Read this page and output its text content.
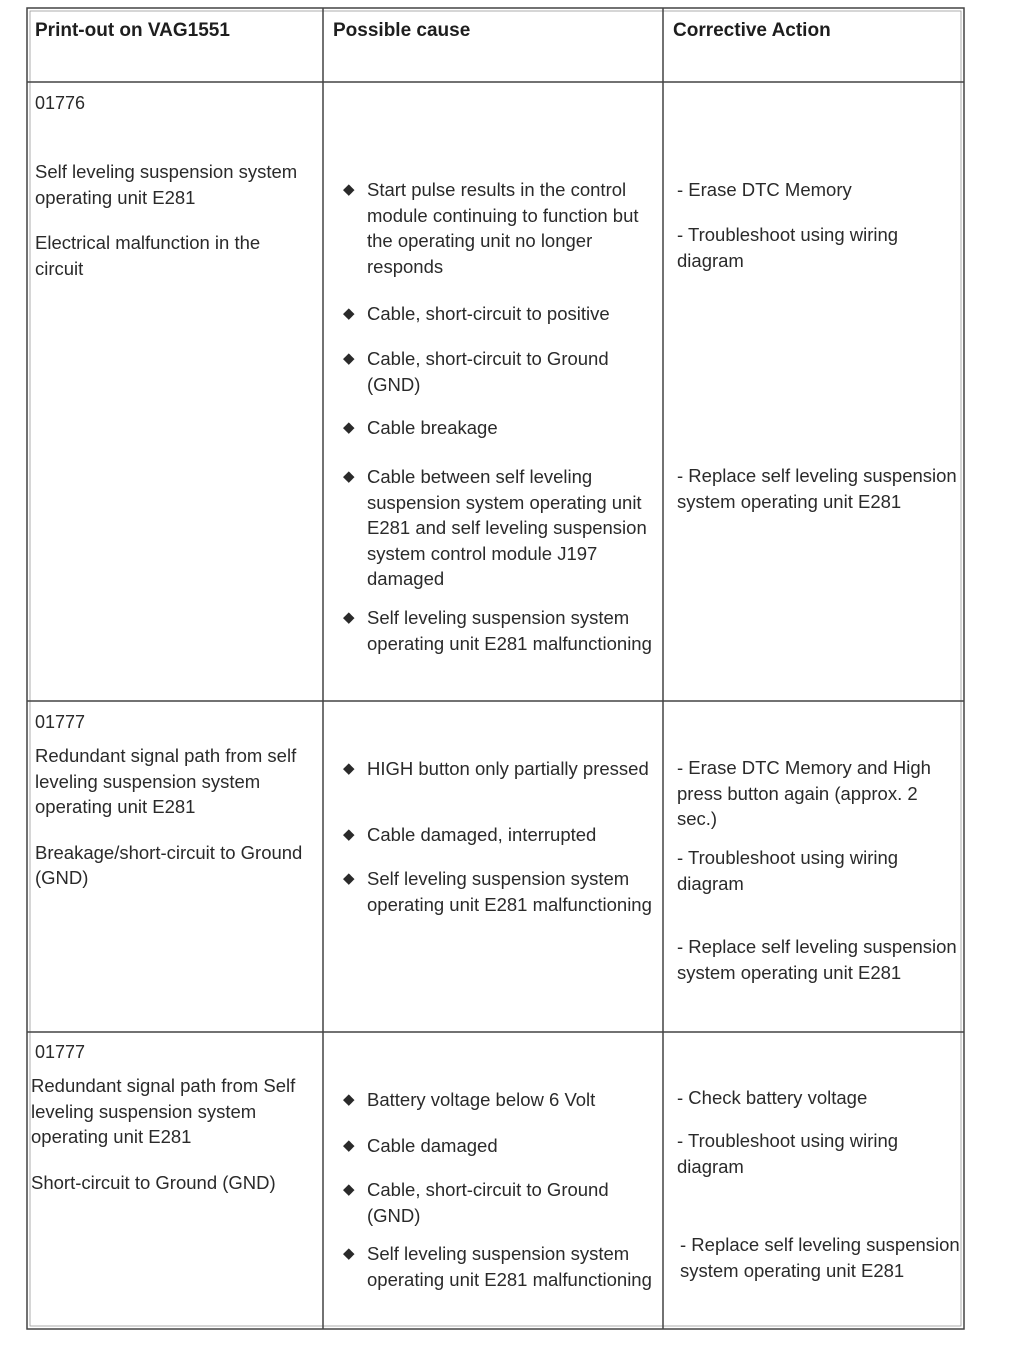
Print-out on VAG1551	Possible cause	Corrective Action
01776
Self leveling suspension system operating unit E281
Electrical malfunction in the circuit
◆ Start pulse results in the control module continuing to function but the operating unit no longer responds
◆ Cable, short-circuit to positive
◆ Cable, short-circuit to Ground (GND)
◆ Cable breakage
◆ Cable between self leveling suspension system operating unit E281 and self leveling suspension system control module J197 damaged
◆ Self leveling suspension system operating unit E281 malfunctioning
- Erase DTC Memory
- Troubleshoot using wiring diagram
- Replace self leveling suspension system operating unit E281
01777
Redundant signal path from self leveling suspension system operating unit E281
Breakage/short-circuit to Ground (GND)
◆ HIGH button only partially pressed
◆ Cable damaged, interrupted
◆ Self leveling suspension system operating unit E281 malfunctioning
- Erase DTC Memory and High press button again (approx. 2 sec.)
- Troubleshoot using wiring diagram
- Replace self leveling suspension system operating unit E281
01777
Redundant signal path from Self leveling suspension system operating unit E281
Short-circuit to Ground (GND)
◆ Battery voltage below 6 Volt
◆ Cable damaged
◆ Cable, short-circuit to Ground (GND)
◆ Self leveling suspension system operating unit E281 malfunctioning
- Check battery voltage
- Troubleshoot using wiring diagram
- Replace self leveling suspension system operating unit E281
